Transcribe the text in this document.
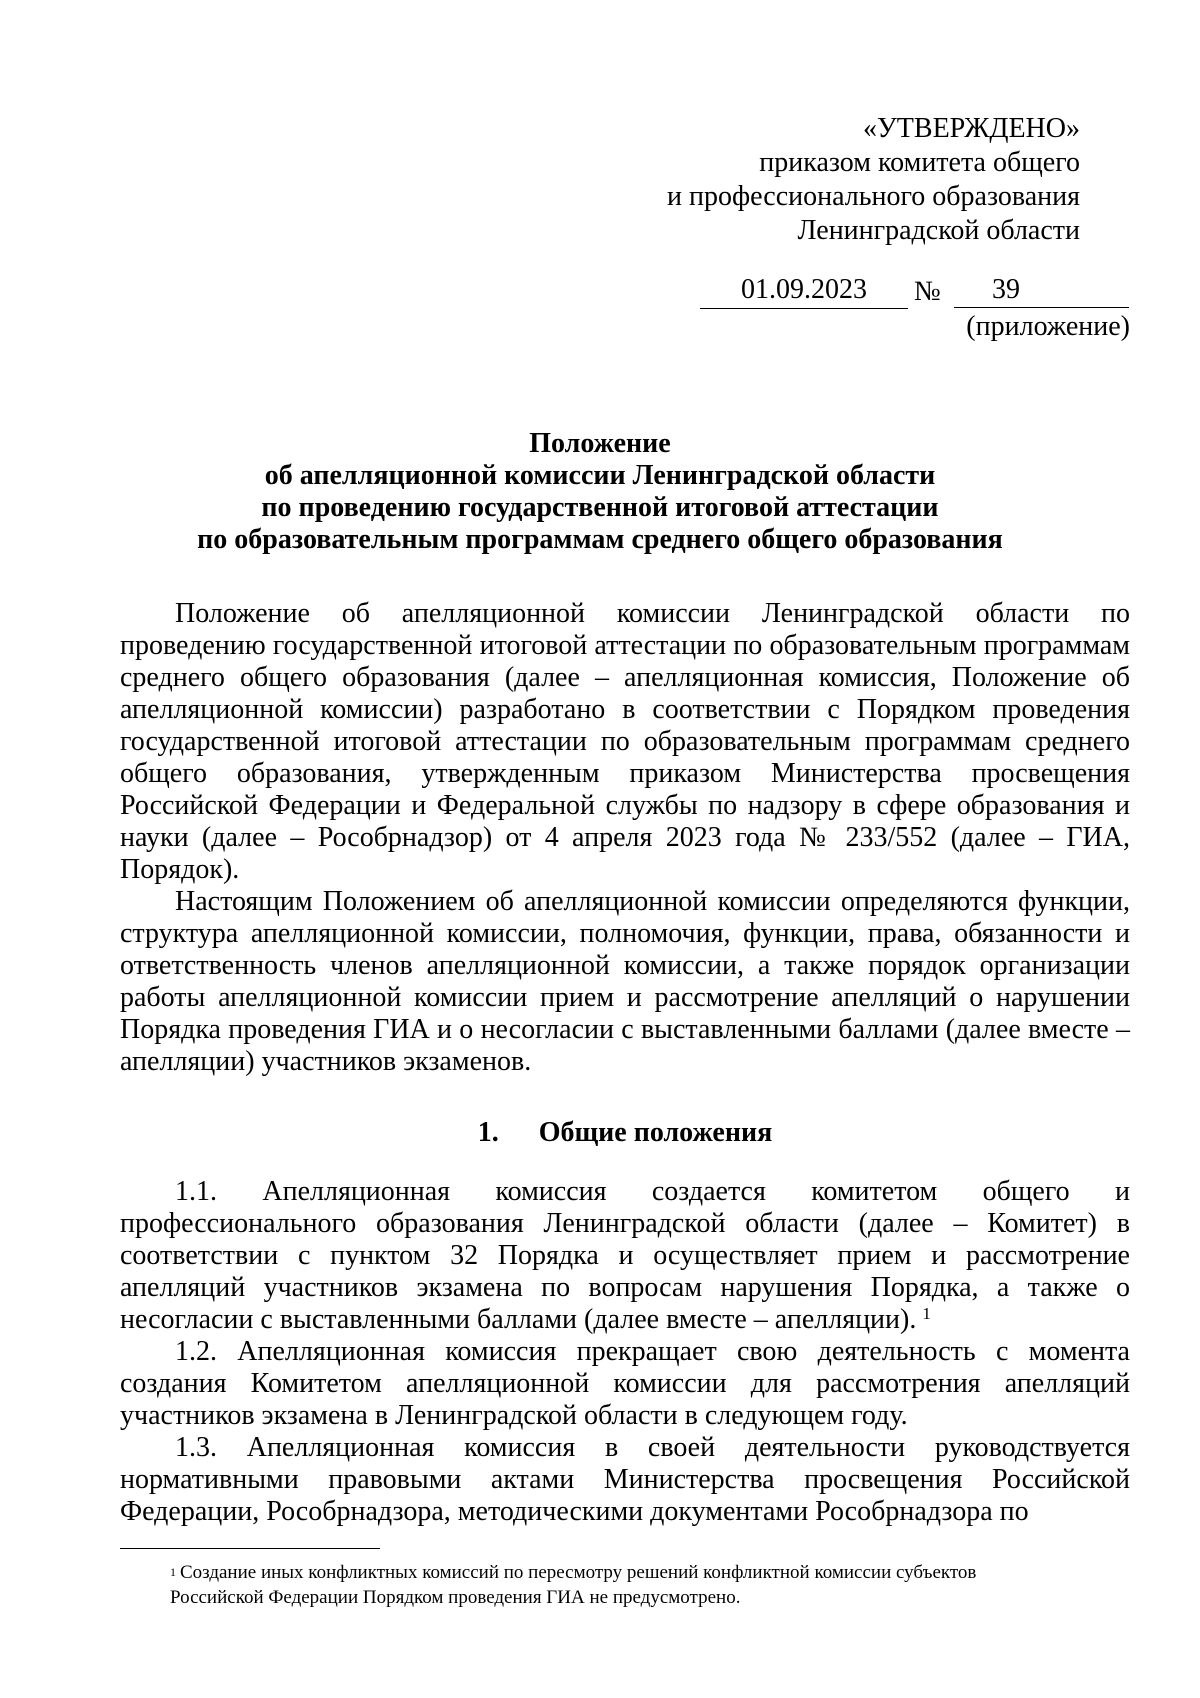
«УТВЕРЖДЕНО»
приказом комитета общего
и профессионального образования
Ленинградской области
01.09.2023	№	39
(приложение)
Положение
об апелляционной комиссии Ленинградской области
по проведению государственной итоговой аттестации
по образовательным программам среднего общего образования

Положение об апелляционной комиссии Ленинградской области по проведению государственной итоговой аттестации по образовательным программам среднего общего образования (далее – апелляционная комиссия, Положение об апелляционной комиссии) разработано в соответствии с Порядком проведения государственной итоговой аттестации по образовательным программам среднего общего образования, утвержденным приказом Министерства просвещения Российской Федерации и Федеральной службы по надзору в сфере образования и науки (далее – Рособрнадзор) от 4 апреля 2023 года № 233/552 (далее – ГИА, Порядок).

Настоящим Положением об апелляционной комиссии определяются функции, структура апелляционной комиссии, полномочия, функции, права, обязанности и ответственность членов апелляционной комиссии, а также порядок организации работы апелляционной комиссии прием и рассмотрение апелляций о нарушении Порядка проведения ГИА и о несогласии с выставленными баллами (далее вместе – апелляции) участников экзаменов.

1. Общие положения

1.1. Апелляционная комиссия создается комитетом общего и профессионального образования Ленинградской области (далее – Комитет) в соответствии с пунктом 32 Порядка и осуществляет прием и рассмотрение апелляций участников экзамена по вопросам нарушения Порядка, а также о несогласии с выставленными баллами (далее вместе – апелляции). $^1$

1.2. Апелляционная комиссия прекращает свою деятельность с момента создания Комитетом апелляционной комиссии для рассмотрения апелляций участников экзамена в Ленинградской области в следующем году.

1.3. Апелляционная комиссия в своей деятельности руководствуется нормативными правовыми актами Министерства просвещения Российской Федерации, Рособрнадзора, методическими документами Рособрнадзора по

$^1$ Создание иных конфликтных комиссий по пересмотру решений конфликтной комиссии субъектов Российской Федерации Порядком проведения ГИА не предусмотрено.
